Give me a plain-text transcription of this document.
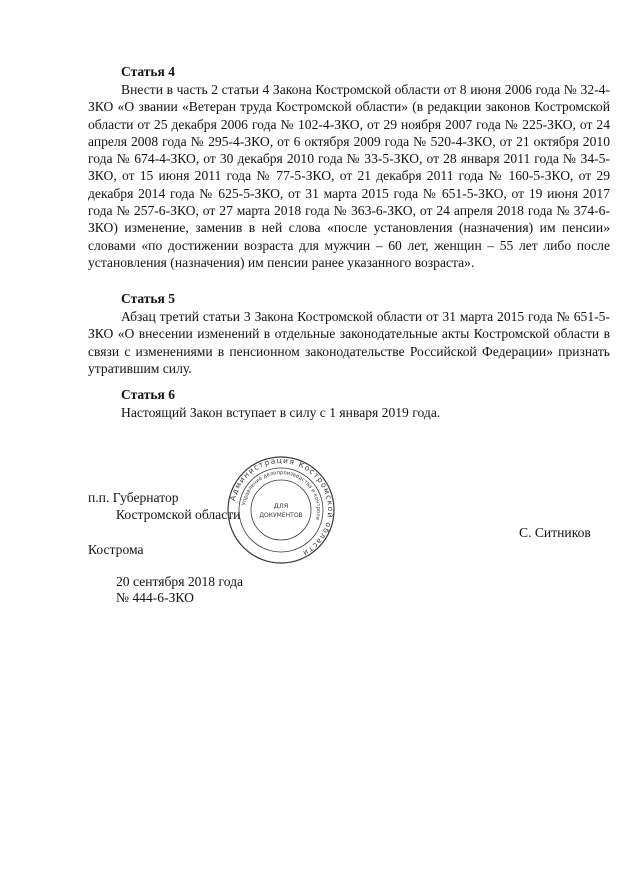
Статья 4

Внести в часть 2 статьи 4 Закона Костромской области от 8 июня 2006 года № 32-4-ЗКО «О звании «Ветеран труда Костромской области» (в редакции законов Костромской области от 25 декабря 2006 года № 102-4-ЗКО, от 29 ноября 2007 года № 225-ЗКО, от 24 апреля 2008 года № 295-4-ЗКО, от 6 октября 2009 года № 520-4-ЗКО, от 21 октября 2010 года № 674-4-ЗКО, от 30 декабря 2010 года № 33-5-ЗКО, от 28 января 2011 года № 34-5-ЗКО, от 15 июня 2011 года № 77-5-ЗКО, от 21 декабря 2011 года № 160-5-ЗКО, от 29 декабря 2014 года № 625-5-ЗКО, от 31 марта 2015 года № 651-5-ЗКО, от 19 июня 2017 года № 257-6-ЗКО, от 27 марта 2018 года № 363-6-ЗКО, от 24 апреля 2018 года № 374-6-ЗКО) изменение, заменив в ней слова «после установления (назначения) им пенсии» словами «по достижении возраста для мужчин – 60 лет, женщин – 55 лет либо после установления (назначения) им пенсии ранее указанного возраста».

Статья 5

Абзац третий статьи 3 Закона Костромской области от 31 марта 2015 года № 651-5-ЗКО «О внесении изменений в отдельные законодательные акты Костромской области в связи с изменениями в пенсионном законодательстве Российской Федерации» признать утратившим силу.

Статья 6

Настоящий Закон вступает в силу с 1 января 2019 года.

п.п. Губернатор
Костромской области
С. Ситников
Кострома
20 сентября 2018 года
№ 444-6-ЗКО
Администрация Костромской области
Управление делопроизводства и контроля
ДЛЯ
ДОКУМЕНТОВ
